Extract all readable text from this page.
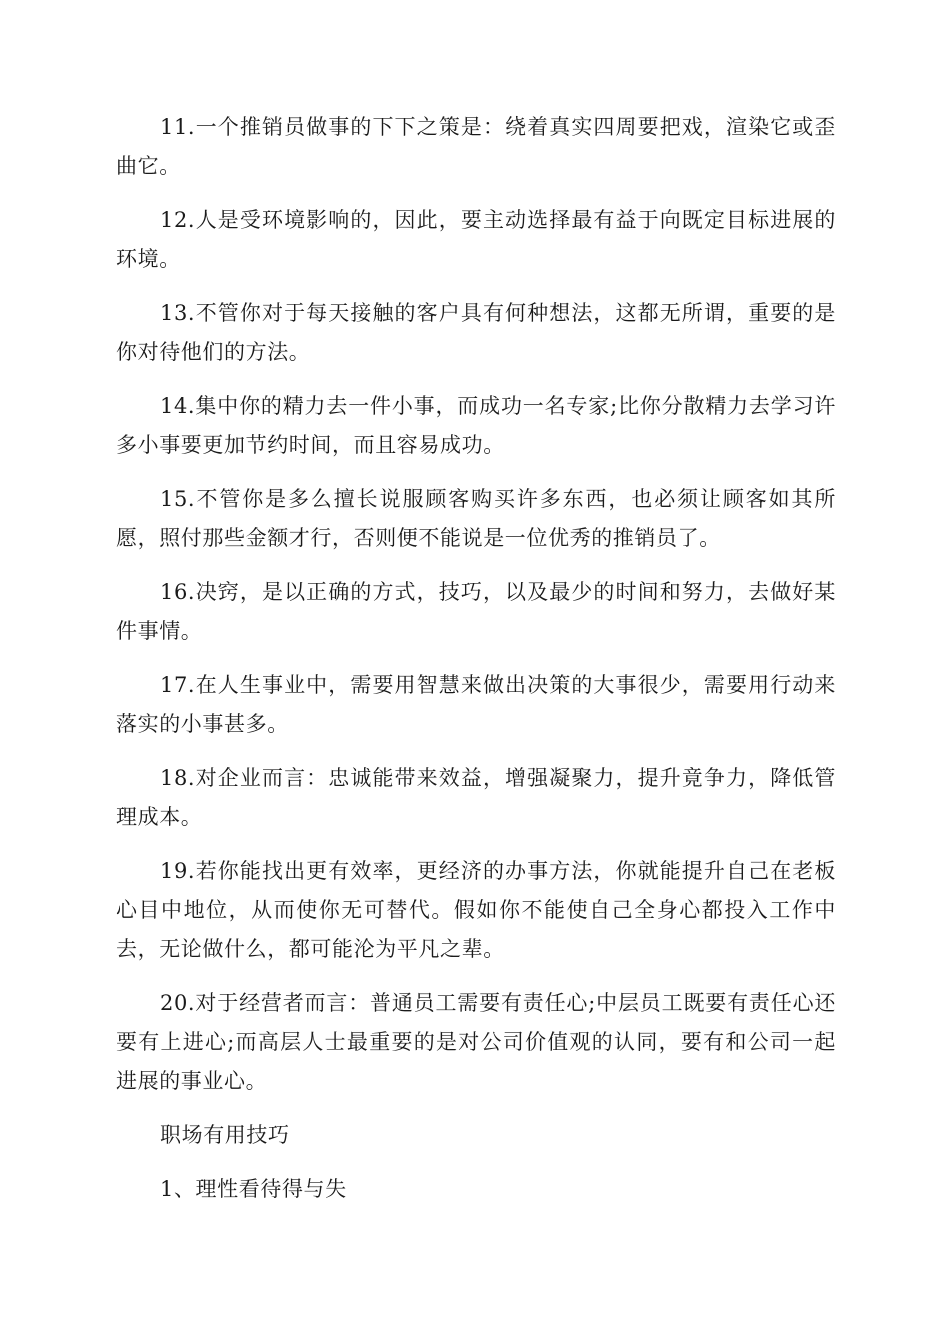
11.一个推销员做事的下下之策是：绕着真实四周要把戏，渲染它或歪曲它。

12.人是受环境影响的，因此，要主动选择最有益于向既定目标进展的环境。

13.不管你对于每天接触的客户具有何种想法，这都无所谓，重要的是你对待他们的方法。

14.集中你的精力去一件小事，而成功一名专家;比你分散精力去学习许多小事要更加节约时间，而且容易成功。

15.不管你是多么擅长说服顾客购买许多东西，也必须让顾客如其所愿，照付那些金额才行，否则便不能说是一位优秀的推销员了。

16.决窍，是以正确的方式，技巧，以及最少的时间和努力，去做好某件事情。

17.在人生事业中，需要用智慧来做出决策的大事很少，需要用行动来落实的小事甚多。

18.对企业而言：忠诚能带来效益，增强凝聚力，提升竟争力，降低管理成本。

19.若你能找出更有效率，更经济的办事方法，你就能提升自己在老板心目中地位，从而使你无可替代。假如你不能使自己全身心都投入工作中去，无论做什么，都可能沦为平凡之辈。

20.对于经营者而言：普通员工需要有责任心;中层员工既要有责任心还要有上进心;而高层人士最重要的是对公司价值观的认同，要有和公司一起进展的事业心。

职场有用技巧

1、理性看待得与失
